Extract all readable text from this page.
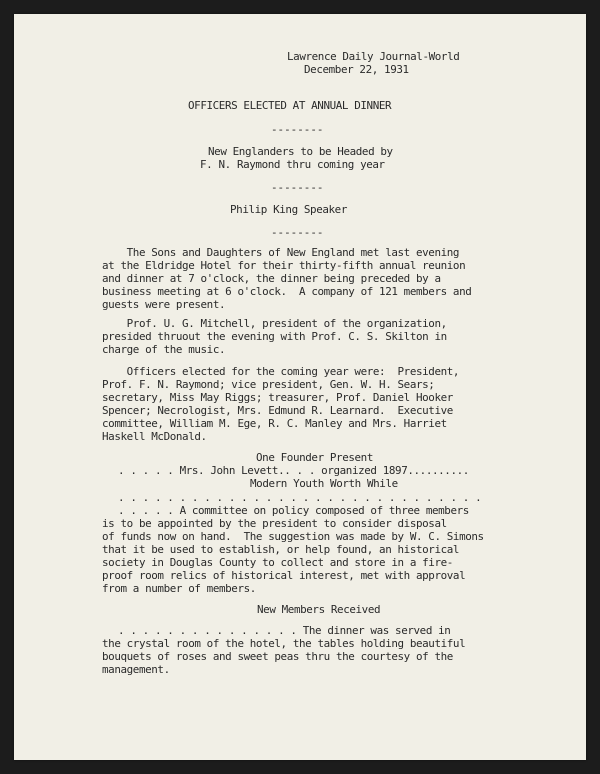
Lawrence Daily Journal-World
December 22, 1931
OFFICERS ELECTED AT ANNUAL DINNER
--------
New Englanders to be Headed by
F. N. Raymond thru coming year
--------
Philip King Speaker
--------
The Sons and Daughters of New England met last evening
at the Eldridge Hotel for their thirty-fifth annual reunion
and dinner at 7 o'clock, the dinner being preceded by a
business meeting at 6 o'clock.  A company of 121 members and
guests were present.
Prof. U. G. Mitchell, president of the organization,
presided thruout the evening with Prof. C. S. Skilton in
charge of the music.
Officers elected for the coming year were:  President,
Prof. F. N. Raymond; vice president, Gen. W. H. Sears;
secretary, Miss May Riggs; treasurer, Prof. Daniel Hooker
Spencer; Necrologist, Mrs. Edmund R. Learnard.  Executive
committee, William M. Ege, R. C. Manley and Mrs. Harriet
Haskell McDonald.
One Founder Present
. . . . . Mrs. John Levett.. . . organized 1897..........
Modern Youth Worth While
. . . . . . . . . . . . . . . . . . . . . . . . . . . . . .
. . . . . A committee on policy composed of three members
is to be appointed by the president to consider disposal
of funds now on hand.  The suggestion was made by W. C. Simons
that it be used to establish, or help found, an historical
society in Douglas County to collect and store in a fire-
proof room relics of historical interest, met with approval
from a number of members.
New Members Received
. . . . . . . . . . . . . . . The dinner was served in
the crystal room of the hotel, the tables holding beautiful
bouquets of roses and sweet peas thru the courtesy of the
management.
